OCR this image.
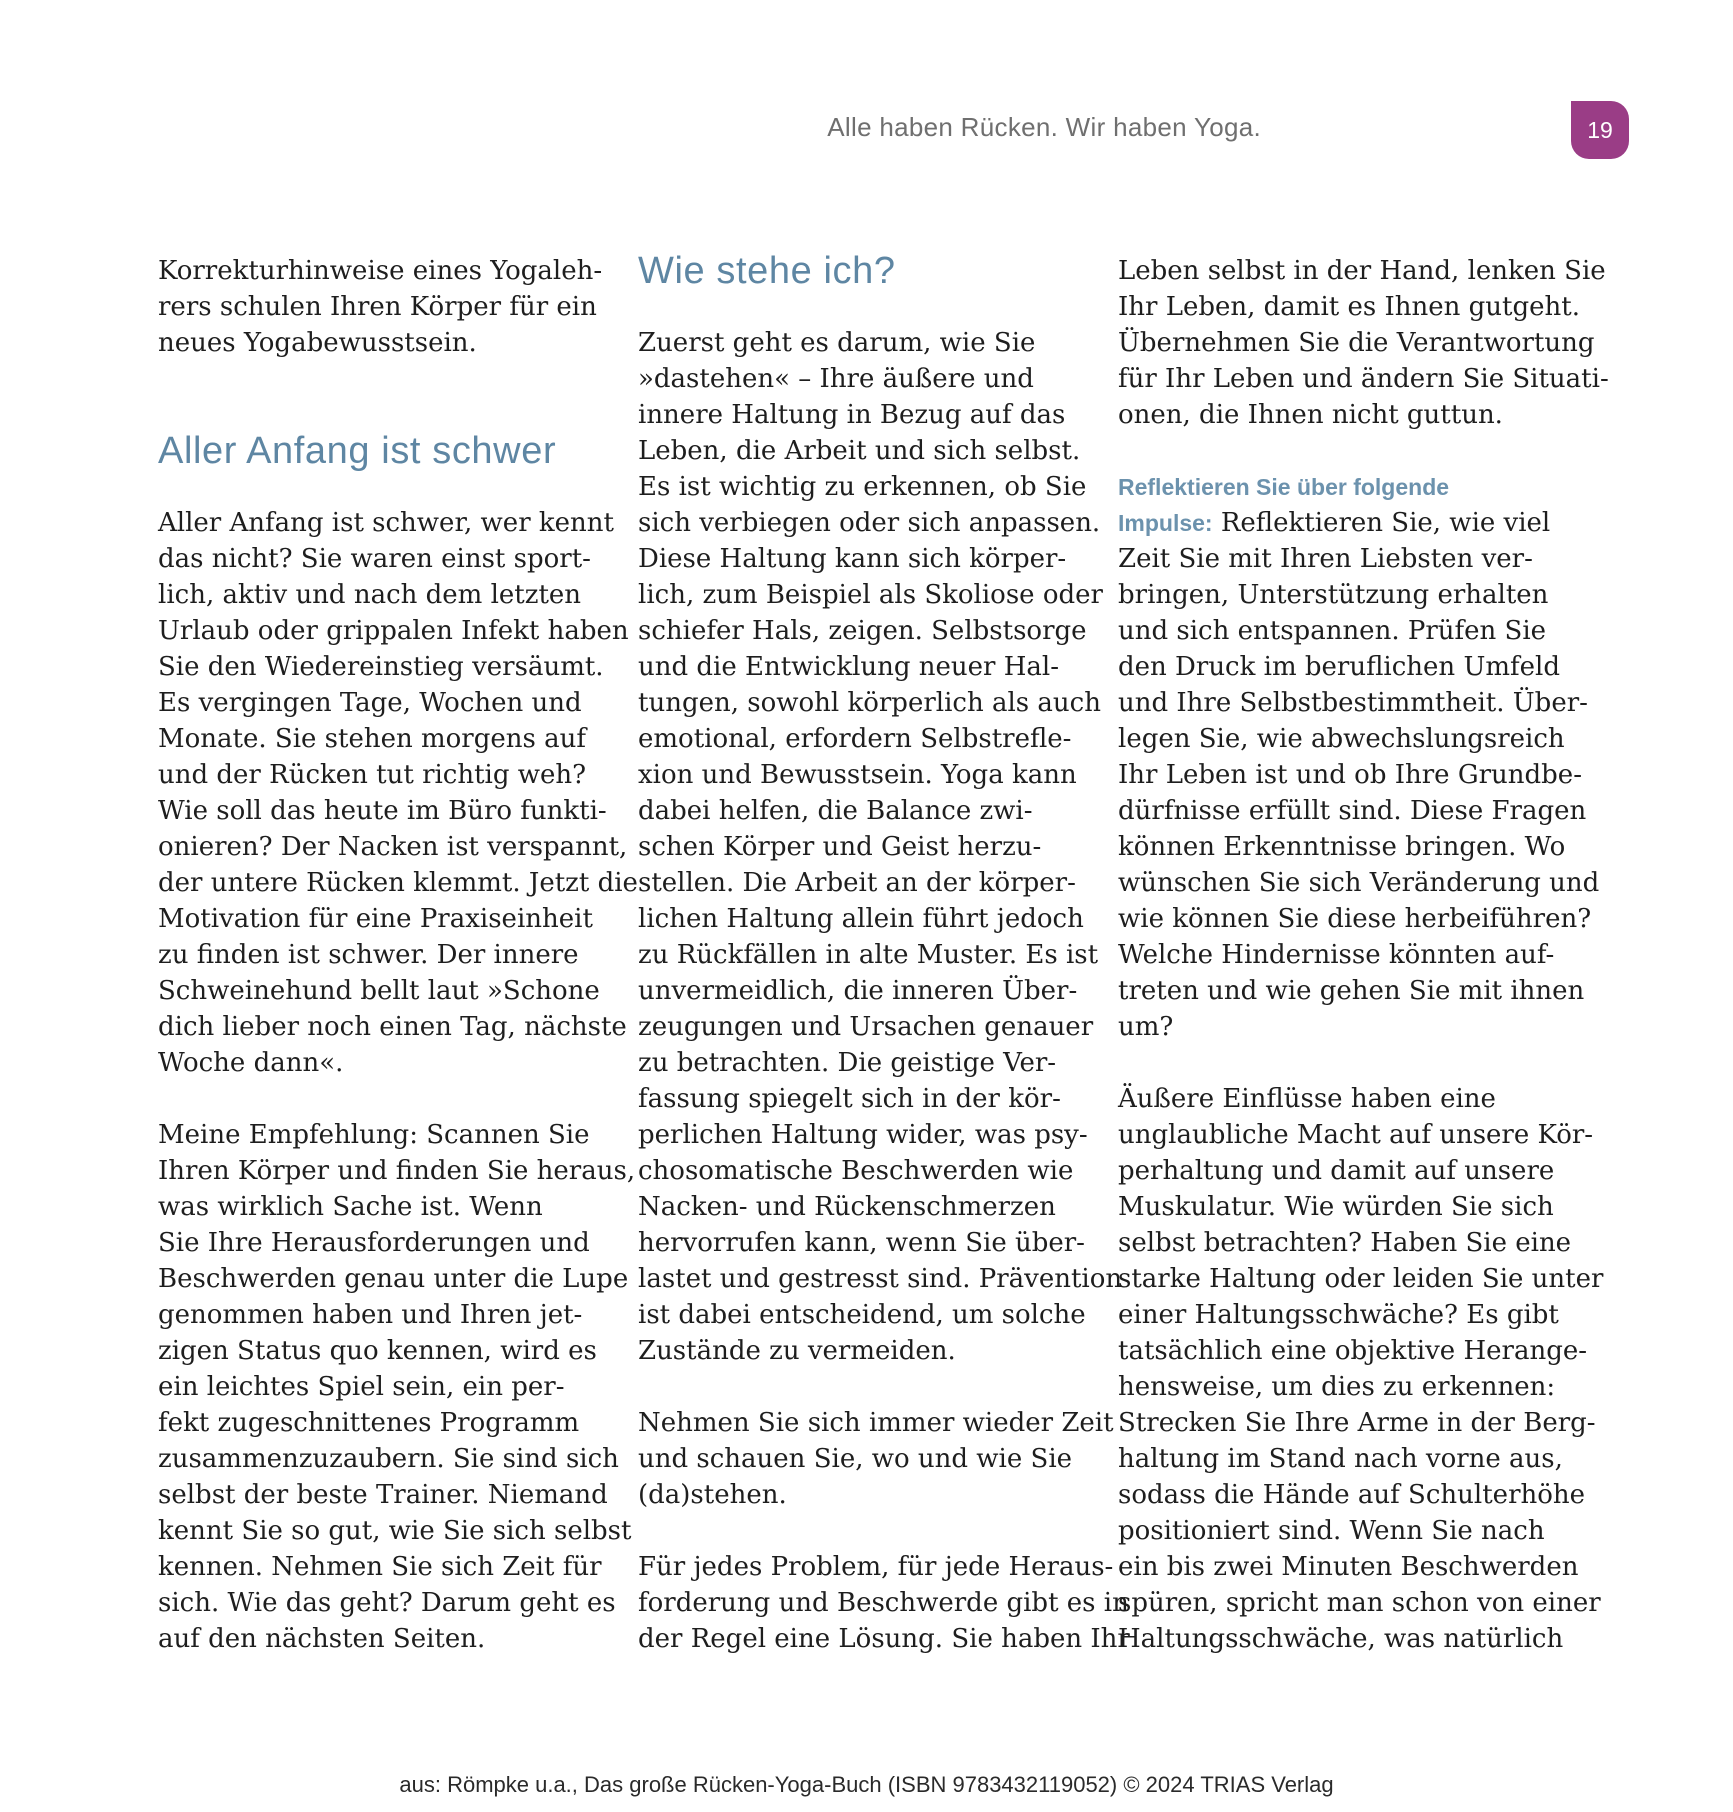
Alle haben Rücken. Wir haben Yoga.	19
Korrekturhinweise eines Yogaleh-
rers schulen Ihren Körper für ein
neues Yogabewusstsein.
Aller Anfang ist schwer
Aller Anfang ist schwer, wer kennt
das nicht? Sie waren einst sport-
lich, aktiv und nach dem letzten
Urlaub oder grippalen Infekt haben
Sie den Wiedereinstieg versäumt.
Es vergingen Tage, Wochen und
Monate. Sie stehen morgens auf
und der Rücken tut richtig weh?
Wie soll das heute im Büro funkti-
onieren? Der Nacken ist verspannt,
der untere Rücken klemmt. Jetzt die
Motivation für eine Praxiseinheit
zu finden ist schwer. Der innere
Schweinehund bellt laut »Schone
dich lieber noch einen Tag, nächste
Woche dann«.
Meine Empfehlung: Scannen Sie
Ihren Körper und finden Sie heraus,
was wirklich Sache ist. Wenn
Sie Ihre Herausforderungen und
Beschwerden genau unter die Lupe
genommen haben und Ihren jet-
zigen Status quo kennen, wird es
ein leichtes Spiel sein, ein per-
fekt zugeschnittenes Programm
zusammenzuzaubern. Sie sind sich
selbst der beste Trainer. Niemand
kennt Sie so gut, wie Sie sich selbst
kennen. Nehmen Sie sich Zeit für
sich. Wie das geht? Darum geht es
auf den nächsten Seiten.
Wie stehe ich?
Zuerst geht es darum, wie Sie
»dastehen« – Ihre äußere und
innere Haltung in Bezug auf das
Leben, die Arbeit und sich selbst.
Es ist wichtig zu erkennen, ob Sie
sich verbiegen oder sich anpassen.
Diese Haltung kann sich körper-
lich, zum Beispiel als Skoliose oder
schiefer Hals, zeigen. Selbstsorge
und die Entwicklung neuer Hal-
tungen, sowohl körperlich als auch
emotional, erfordern Selbstrefle-
xion und Bewusstsein. Yoga kann
dabei helfen, die Balance zwi-
schen Körper und Geist herzu-
stellen. Die Arbeit an der körper-
lichen Haltung allein führt jedoch
zu Rückfällen in alte Muster. Es ist
unvermeidlich, die inneren Über-
zeugungen und Ursachen genauer
zu betrachten. Die geistige Ver-
fassung spiegelt sich in der kör-
perlichen Haltung wider, was psy-
chosomatische Beschwerden wie
Nacken- und Rückenschmerzen
hervorrufen kann, wenn Sie über-
lastet und gestresst sind. Prävention
ist dabei entscheidend, um solche
Zustände zu vermeiden.
Nehmen Sie sich immer wieder Zeit
und schauen Sie, wo und wie Sie
(da)stehen.
Für jedes Problem, für jede Heraus-
forderung und Beschwerde gibt es in
der Regel eine Lösung. Sie haben Ihr
Leben selbst in der Hand, lenken Sie
Ihr Leben, damit es Ihnen gutgeht.
Übernehmen Sie die Verantwortung
für Ihr Leben und ändern Sie Situati-
onen, die Ihnen nicht guttun.
Reflektieren Sie über folgende
Impulse: Reflektieren Sie, wie viel
Zeit Sie mit Ihren Liebsten ver-
bringen, Unterstützung erhalten
und sich entspannen. Prüfen Sie
den Druck im beruflichen Umfeld
und Ihre Selbstbestimmtheit. Über-
legen Sie, wie abwechslungsreich
Ihr Leben ist und ob Ihre Grundbe-
dürfnisse erfüllt sind. Diese Fragen
können Erkenntnisse bringen. Wo
wünschen Sie sich Veränderung und
wie können Sie diese herbeiführen?
Welche Hindernisse könnten auf-
treten und wie gehen Sie mit ihnen
um?
Äußere Einflüsse haben eine
unglaubliche Macht auf unsere Kör-
perhaltung und damit auf unsere
Muskulatur. Wie würden Sie sich
selbst betrachten? Haben Sie eine
starke Haltung oder leiden Sie unter
einer Haltungsschwäche? Es gibt
tatsächlich eine objektive Herange-
hensweise, um dies zu erkennen:
Strecken Sie Ihre Arme in der Berg-
haltung im Stand nach vorne aus,
sodass die Hände auf Schulterhöhe
positioniert sind. Wenn Sie nach
ein bis zwei Minuten Beschwerden
spüren, spricht man schon von einer
Haltungsschwäche, was natürlich
aus: Römpke u.a., Das große Rücken-Yoga-Buch (ISBN 9783432119052) © 2024 TRIAS Verlag
